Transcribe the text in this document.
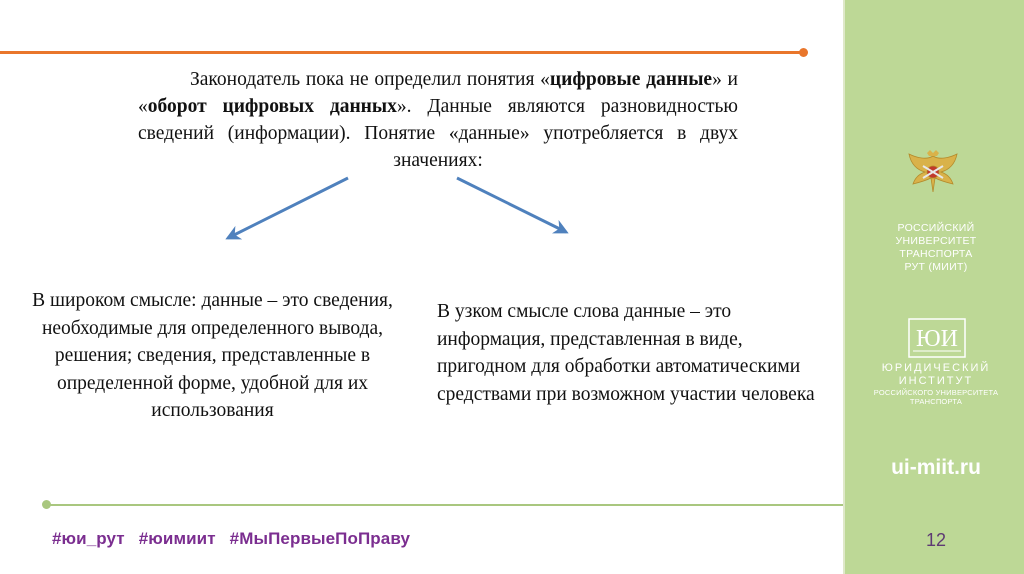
Законодатель пока не определил понятия «цифровые данные» и «оборот цифровых данных». Данные являются разновидностью сведений (информации). Понятие «данные» употребляется в двух значениях:
В широком смысле: данные – это сведения, необходимые для определенного вывода, решения; сведения, представленные в определенной форме, удобной для их использования
В узком смысле слова данные – это информация, представленная в виде, пригодном для обработки автоматическими средствами при возможном участии человека
#юи_рут #юимиит #МыПервыеПоПраву
РОССИЙСКИЙ
УНИВЕРСИТЕТ
ТРАНСПОРТА
РУТ (МИИТ)
ЮИ
ЮРИДИЧЕСКИЙ
ИНСТИТУТ
РОССИЙСКОГО УНИВЕРСИТЕТА
ТРАНСПОРТА
ui-miit.ru
12
